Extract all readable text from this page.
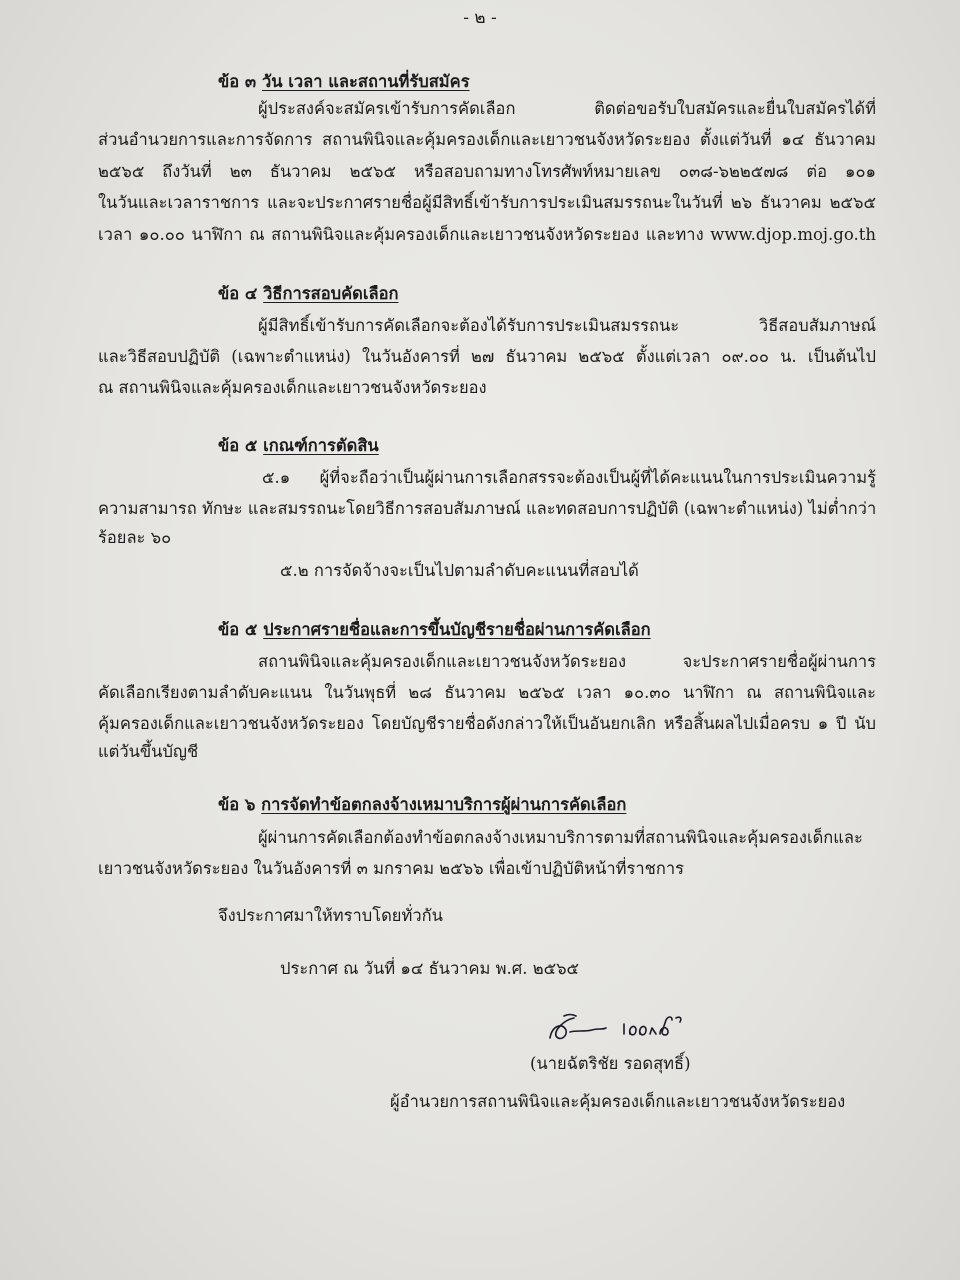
- ๒ -
ข้อ ๓ วัน เวลา และสถานที่รับสมัคร
ผู้ประสงค์จะสมัครเข้ารับการคัดเลือก ติดต่อขอรับใบสมัครและยื่นใบสมัครได้ที่
ส่วนอำนวยการและการจัดการ สถานพินิจและคุ้มครองเด็กและเยาวชนจังหวัดระยอง ตั้งแต่วันที่ ๑๔ ธันวาคม
๒๕๖๕ ถึงวันที่ ๒๓ ธันวาคม ๒๕๖๕ หรือสอบถามทางโทรศัพท์หมายเลข ๐๓๘-๖๒๒๕๗๘ ต่อ ๑๐๑
ในวันและเวลาราชการ และจะประกาศรายชื่อผู้มีสิทธิ์เข้ารับการประเมินสมรรถนะในวันที่ ๒๖ ธันวาคม ๒๕๖๕
เวลา ๑๐.๐๐ นาฬิกา ณ สถานพินิจและคุ้มครองเด็กและเยาวชนจังหวัดระยอง และทาง www.djop.moj.go.th
ข้อ ๔ วิธีการสอบคัดเลือก
ผู้มีสิทธิ์เข้ารับการคัดเลือกจะต้องได้รับการประเมินสมรรถนะ วิธีสอบสัมภาษณ์
และวิธีสอบปฏิบัติ (เฉพาะตำแหน่ง) ในวันอังคารที่ ๒๗ ธันวาคม ๒๕๖๕ ตั้งแต่เวลา ๐๙.๐๐ น. เป็นต้นไป
ณ สถานพินิจและคุ้มครองเด็กและเยาวชนจังหวัดระยอง
ข้อ ๕ เกณฑ์การตัดสิน
๕.๑ ผู้ที่จะถือว่าเป็นผู้ผ่านการเลือกสรรจะต้องเป็นผู้ที่ได้คะแนนในการประเมินความรู้
ความสามารถ ทักษะ และสมรรถนะโดยวิธีการสอบสัมภาษณ์ และทดสอบการปฏิบัติ (เฉพาะตำแหน่ง) ไม่ต่ำกว่า
ร้อยละ ๖๐
๕.๒ การจัดจ้างจะเป็นไปตามลำดับคะแนนที่สอบได้
ข้อ ๕ ประกาศรายชื่อและการขึ้นบัญชีรายชื่อผ่านการคัดเลือก
สถานพินิจและคุ้มครองเด็กและเยาวชนจังหวัดระยอง จะประกาศรายชื่อผู้ผ่านการ
คัดเลือกเรียงตามลำดับคะแนน ในวันพุธที่ ๒๘ ธันวาคม ๒๕๖๕ เวลา ๑๐.๓๐ นาฬิกา ณ สถานพินิจและ
คุ้มครองเด็กและเยาวชนจังหวัดระยอง โดยบัญชีรายชื่อดังกล่าวให้เป็นอันยกเลิก หรือสิ้นผลไปเมื่อครบ ๑ ปี นับ
แต่วันขึ้นบัญชี
ข้อ ๖ การจัดทำข้อตกลงจ้างเหมาบริการผู้ผ่านการคัดเลือก
ผู้ผ่านการคัดเลือกต้องทำข้อตกลงจ้างเหมาบริการตามที่สถานพินิจและคุ้มครองเด็กและ
เยาวชนจังหวัดระยอง ในวันอังคารที่ ๓ มกราคม ๒๕๖๖ เพื่อเข้าปฏิบัติหน้าที่ราชการ
จึงประกาศมาให้ทราบโดยทั่วกัน
ประกาศ ณ วันที่ ๑๔ ธันวาคม พ.ศ. ๒๕๖๕
(นายฉัตริชัย รอดสุทธิ์)
ผู้อำนวยการสถานพินิจและคุ้มครองเด็กและเยาวชนจังหวัดระยอง
